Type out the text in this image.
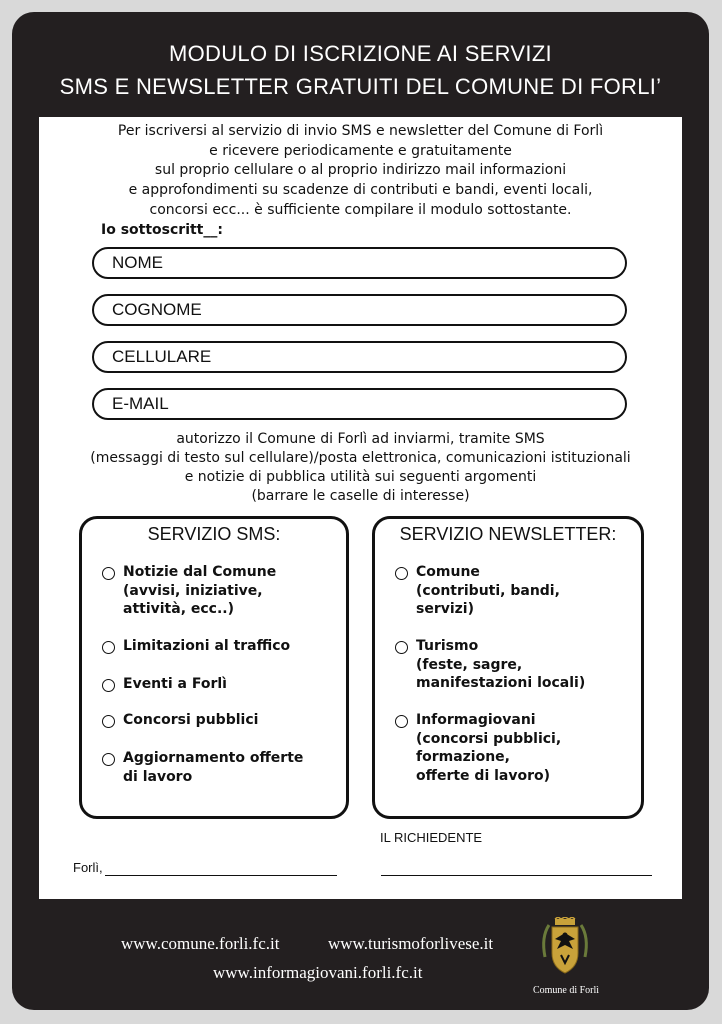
MODULO DI ISCRIZIONE AI SERVIZI
SMS E NEWSLETTER GRATUITI DEL COMUNE DI FORLI’
Per iscriversi al servizio di invio SMS e newsletter del Comune di Forlì
e ricevere periodicamente e gratuitamente
sul proprio cellulare o al proprio indirizzo mail informazioni
e approfondimenti su scadenze di contributi e bandi, eventi locali,
concorsi ecc... è sufficiente compilare il modulo sottostante.
Io sottoscritt__:
NOME
COGNOME
CELLULARE
E-MAIL
autorizzo il Comune di Forlì ad inviarmi, tramite SMS
(messaggi di testo sul cellulare)/posta elettronica, comunicazioni istituzionali
e notizie di pubblica utilità sui seguenti argomenti
(barrare le caselle di interesse)
SERVIZIO SMS:
Notizie dal Comune
(avvisi, iniziative,
attività, ecc..)
Limitazioni al traffico
Eventi a Forlì
Concorsi pubblici
Aggiornamento offerte
di lavoro
SERVIZIO NEWSLETTER:
Comune
(contributi, bandi,
servizi)
Turismo
(feste, sagre,
manifestazioni locali)
Informagiovani
(concorsi pubblici,
formazione,
offerte di lavoro)
IL RICHIEDENTE
Forlì,
www.comune.forli.fc.it	www.turismoforlivese.it
www.informagiovani.forli.fc.it
Comune di Forlì
